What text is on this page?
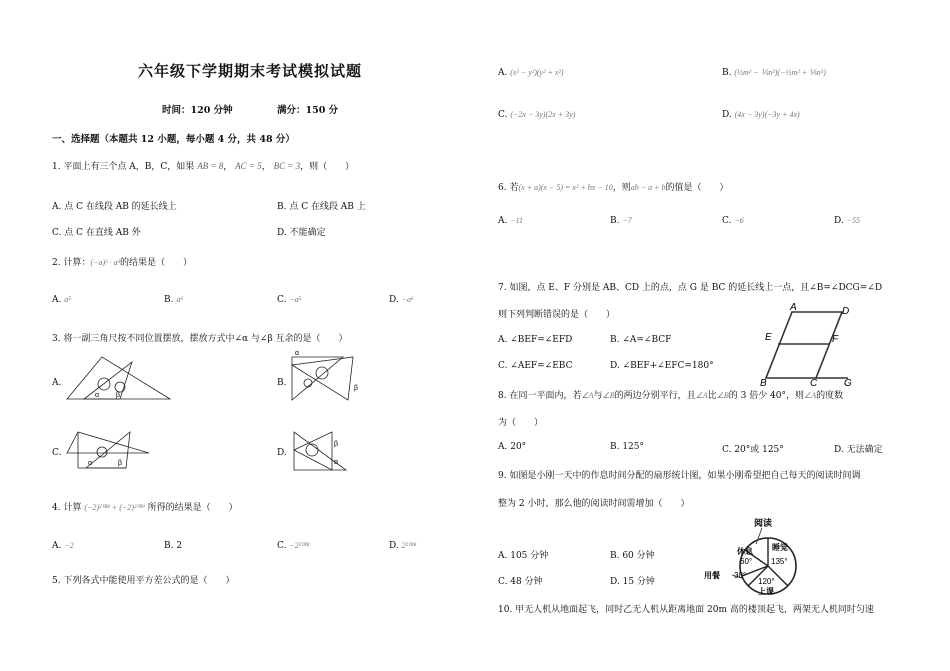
六年级下学期期末考试模拟试题
时间：120 分钟	满分：150 分
一、选择题（本题共 12 小题，每小题 4 分，共 48 分）
1. 平面上有三个点 A，B，C，如果 AB = 8， AC = 5， BC = 3，则（　　）
A. 点 C 在线段 AB 的延长线上	B. 点 C 在线段 AB 上
C. 点 C 在直线 AB 外	D. 不能确定
2. 计算：(−a)² · a³的结果是（　　）
A. a⁵	B. a⁶	C. −a⁵	D. −a⁶
3. 将一副三角尺按不同位置摆放，摆放方式中∠α 与∠β 互余的是（　　）
A.
α β
B.
α
β
C.
α	β
D.
β
α
4. 计算 (−2)²⁰¹⁸ + (−2)²⁰¹⁹ 所得的结果是（　　）
A. −2	B. 2	C. −2²⁰¹⁸	D. 2²⁰¹⁸
5. 下列各式中能使用平方差公式的是（　　）
A. (x² − y²)(y² + x²)	B. (½m² − ⅕n³)(−½m² + ⅕n³)
C. (−2x − 3y)(2x + 3y)	D. (4x − 3y)(−3y + 4x)
6. 若(x + a)(x − 5) = x² + bx − 10，则ab − a + b的值是（　　）
A. −11	B. −7	C. −6	D. −55
7. 如图，点 E、F 分别是 AB、CD 上的点，点 G 是 BC 的延长线上一点，且∠B=∠DCG=∠D
则下列判断错误的是（　　）
A. ∠BEF=∠EFD	B. ∠A=∠BCF
C. ∠AEF=∠EBC	D. ∠BEF+∠EFC=180°
A	D
E	F
B	C	G
8. 在同一平面内，若∠A与∠B的两边分别平行，且∠A比∠B的 3 倍少 40°，则∠A的度数
为（　　）
A. 20°	B. 125°	C. 20°或 125°	D. 无法确定
9. 如图是小刚一天中的作息时间分配的扇形统计图，如果小刚希望把自己每天的阅读时间调
整为 2 小时，那么他的阅读时间需增加（　　）
A. 105 分钟	B. 60 分钟
C. 48 分钟	D. 15 分钟
阅读
休息 睡觉
60° 135°
用餐 30°
120°
上课
10. 甲无人机从地面起飞，同时乙无人机从距离地面 20m 高的楼顶起飞，两架无人机同时匀速
